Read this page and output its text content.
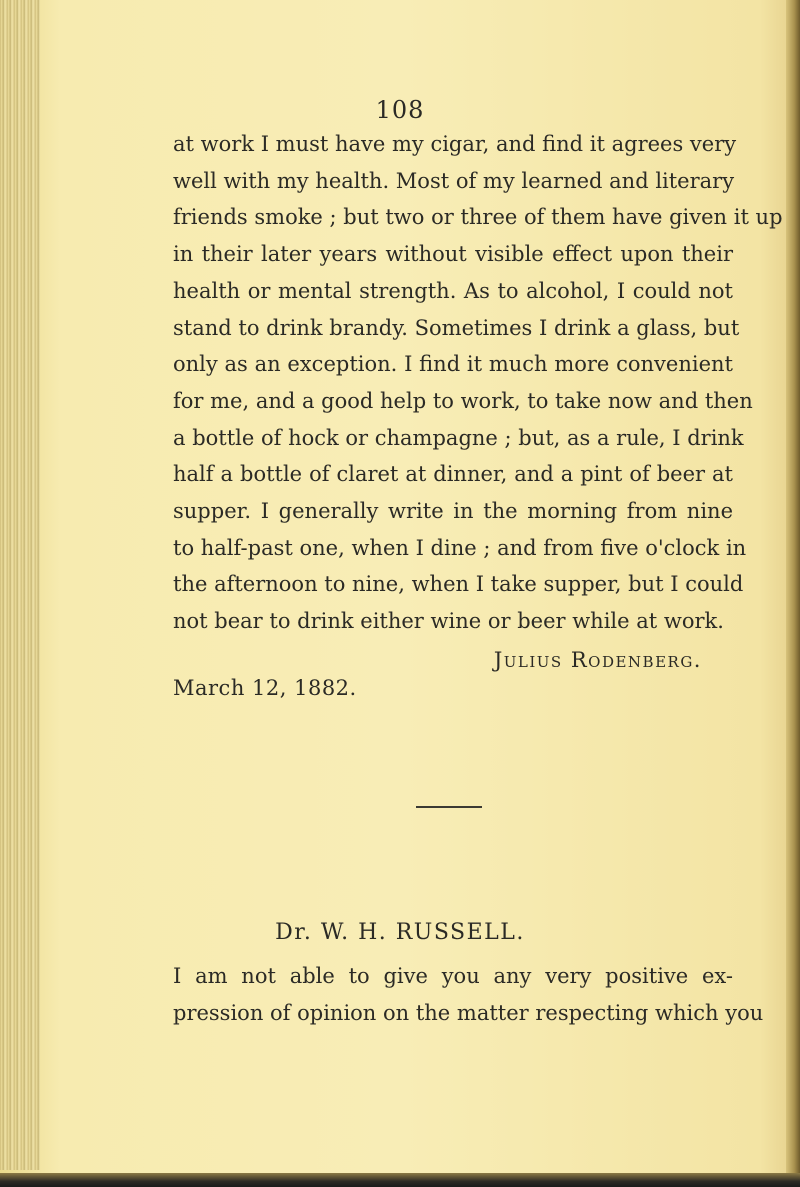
108

at work I must have my cigar, and find it agrees very
well with my health. Most of my learned and literary
friends smoke ; but two or three of them have given it up
in their later years without visible effect upon their
health or mental strength. As to alcohol, I could not
stand to drink brandy. Sometimes I drink a glass, but
only as an exception. I find it much more convenient
for me, and a good help to work, to take now and then
a bottle of hock or champagne ; but, as a rule, I drink
half a bottle of claret at dinner, and a pint of beer at
supper. I generally write in the morning from nine
to half-past one, when I dine ; and from five o'clock in
the afternoon to nine, when I take supper, but I could
not bear to drink either wine or beer while at work.

Julius Rodenberg.
March 12, 1882.
Dr. W. H. RUSSELL.

I am not able to give you any very positive ex-
pression of opinion on the matter respecting which you
